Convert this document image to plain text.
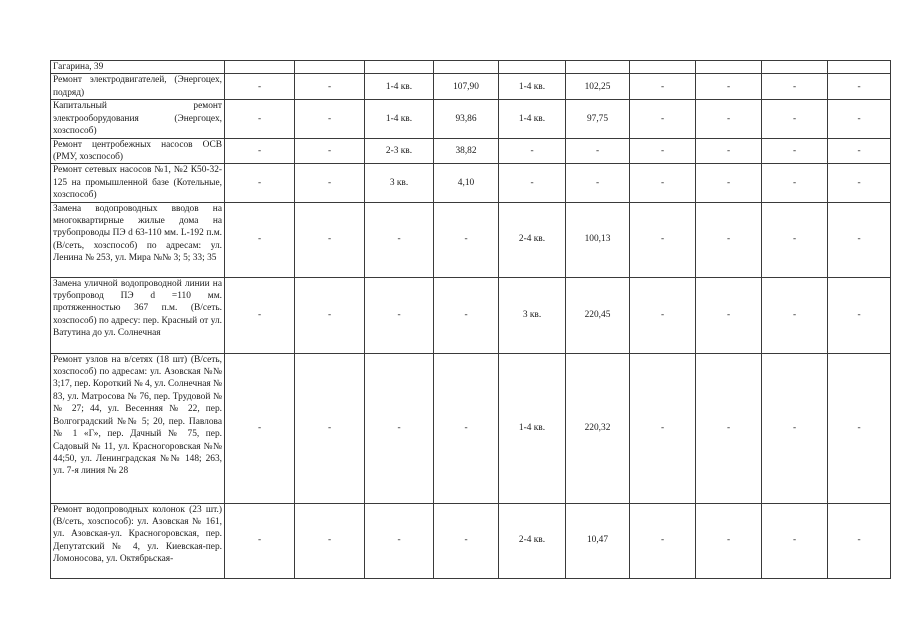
Гагарина, 39										
Ремонт электродвигателей, (Энергоцех, подряд)	-	-	1-4 кв.	107,90	1-4 кв.	102,25	-	-	-	-
Капитальный ремонт электрооборудования (Энергоцех, хозспособ)	-	-	1-4 кв.	93,86	1-4 кв.	97,75	-	-	-	-
Ремонт центробежных насосов ОСВ (РМУ, хозспособ)	-	-	2-3 кв.	38,82	-	-	-	-	-	-
Ремонт сетевых насосов №1, №2 К50-32-125 на промышленной базе (Котельные, хозспособ)	-	-	3 кв.	4,10	-	-	-	-	-	-
Замена водопроводных вводов на многоквартирные жилые дома на трубопроводы ПЭ d 63-110 мм. L-192 п.м. (В/сеть, хозспособ) по адресам: ул. Ленина № 253, ул. Мира №№ 3; 5; 33; 35	-	-	-	-	2-4 кв.	100,13	-	-	-	-
Замена уличной водопроводной линии на трубопровод ПЭ d =110 мм. протяженностью 367 п.м. (В/сеть. хозспособ) по адресу: пер. Красный от ул. Ватутина до ул. Солнечная	-	-	-	-	3 кв.	220,45	-	-	-	-
Ремонт узлов на в/сетях (18 шт) (В/сеть, хозспособ) по адресам: ул. Азовская №№ 3;17, пер. Короткий № 4, ул. Солнечная № 83, ул. Матросова № 76, пер. Трудовой №№ 27; 44, ул. Весенняя № 22, пер. Волгоградский №№ 5; 20, пер. Павлова № 1 «Г», пер. Дачный № 75, пер. Садовый № 11, ул. Красногоровская №№ 44;50, ул. Ленинградская №№ 148; 263, ул. 7-я линия № 28	-	-	-	-	1-4 кв.	220,32	-	-	-	-
Ремонт водопроводных колонок (23 шт.) (В/сеть, хозспособ): ул. Азовская № 161, ул. Азовская-ул. Красногоровская, пер. Депутатский № 4, ул. Киевская-пер. Ломоносова, ул. Октябрьская-	-	-	-	-	2-4 кв.	10,47	-	-	-	-
